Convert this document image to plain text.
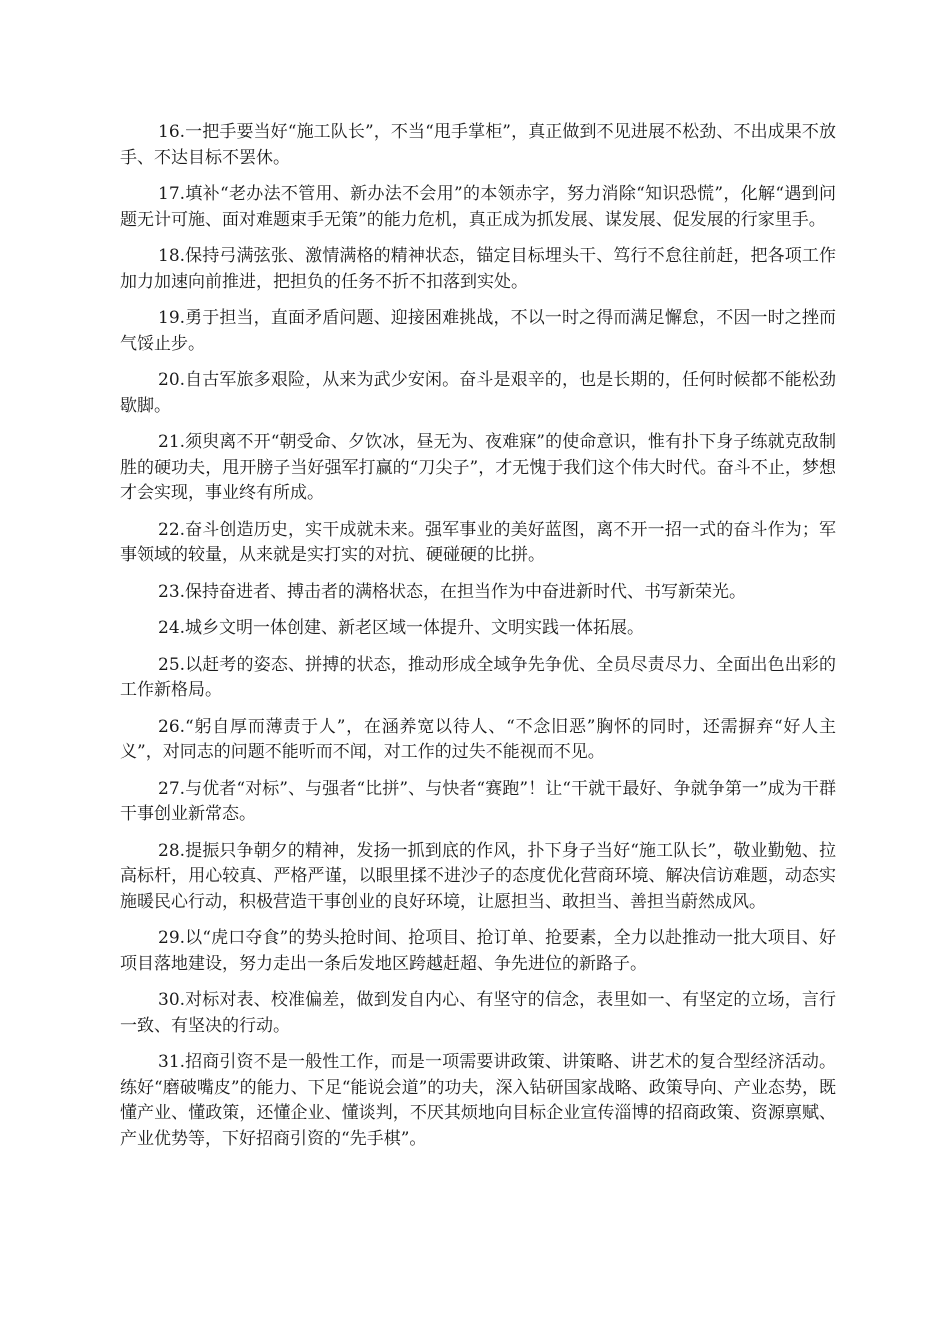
16.一把手要当好“施工队长”，不当“甩手掌柜”，真正做到不见进展不松劲、不出成果不放手、不达目标不罢休。

17.填补“老办法不管用、新办法不会用”的本领赤字，努力消除“知识恐慌”，化解“遇到问题无计可施、面对难题束手无策”的能力危机，真正成为抓发展、谋发展、促发展的行家里手。

18.保持弓满弦张、激情满格的精神状态，锚定目标埋头干、笃行不怠往前赶，把各项工作加力加速向前推进，把担负的任务不折不扣落到实处。

19.勇于担当，直面矛盾问题、迎接困难挑战，不以一时之得而满足懈怠，不因一时之挫而气馁止步。

20.自古军旅多艰险，从来为武少安闲。奋斗是艰辛的，也是长期的，任何时候都不能松劲歇脚。

21.须臾离不开“朝受命、夕饮冰，昼无为、夜难寐”的使命意识，惟有扑下身子练就克敌制胜的硬功夫，甩开膀子当好强军打赢的“刀尖子”，才无愧于我们这个伟大时代。奋斗不止，梦想才会实现，事业终有所成。

22.奋斗创造历史，实干成就未来。强军事业的美好蓝图，离不开一招一式的奋斗作为；军事领域的较量，从来就是实打实的对抗、硬碰硬的比拼。

23.保持奋进者、搏击者的满格状态，在担当作为中奋进新时代、书写新荣光。

24.城乡文明一体创建、新老区域一体提升、文明实践一体拓展。

25.以赶考的姿态、拼搏的状态，推动形成全域争先争优、全员尽责尽力、全面出色出彩的工作新格局。

26.“躬自厚而薄责于人”，在涵养宽以待人、“不念旧恶”胸怀的同时，还需摒弃“好人主义”，对同志的问题不能听而不闻，对工作的过失不能视而不见。

27.与优者“对标”、与强者“比拼”、与快者“赛跑”！让“干就干最好、争就争第一”成为干群干事创业新常态。

28.提振只争朝夕的精神，发扬一抓到底的作风，扑下身子当好“施工队长”，敬业勤勉、拉高标杆，用心较真、严格严谨，以眼里揉不进沙子的态度优化营商环境、解决信访难题，动态实施暖民心行动，积极营造干事创业的良好环境，让愿担当、敢担当、善担当蔚然成风。

29.以“虎口夺食”的势头抢时间、抢项目、抢订单、抢要素，全力以赴推动一批大项目、好项目落地建设，努力走出一条后发地区跨越赶超、争先进位的新路子。

30.对标对表、校准偏差，做到发自内心、有坚守的信念，表里如一、有坚定的立场，言行一致、有坚决的行动。

31.招商引资不是一般性工作，而是一项需要讲政策、讲策略、讲艺术的复合型经济活动。练好“磨破嘴皮”的能力、下足“能说会道”的功夫，深入钻研国家战略、政策导向、产业态势，既懂产业、懂政策，还懂企业、懂谈判，不厌其烦地向目标企业宣传淄博的招商政策、资源禀赋、产业优势等，下好招商引资的“先手棋”。
